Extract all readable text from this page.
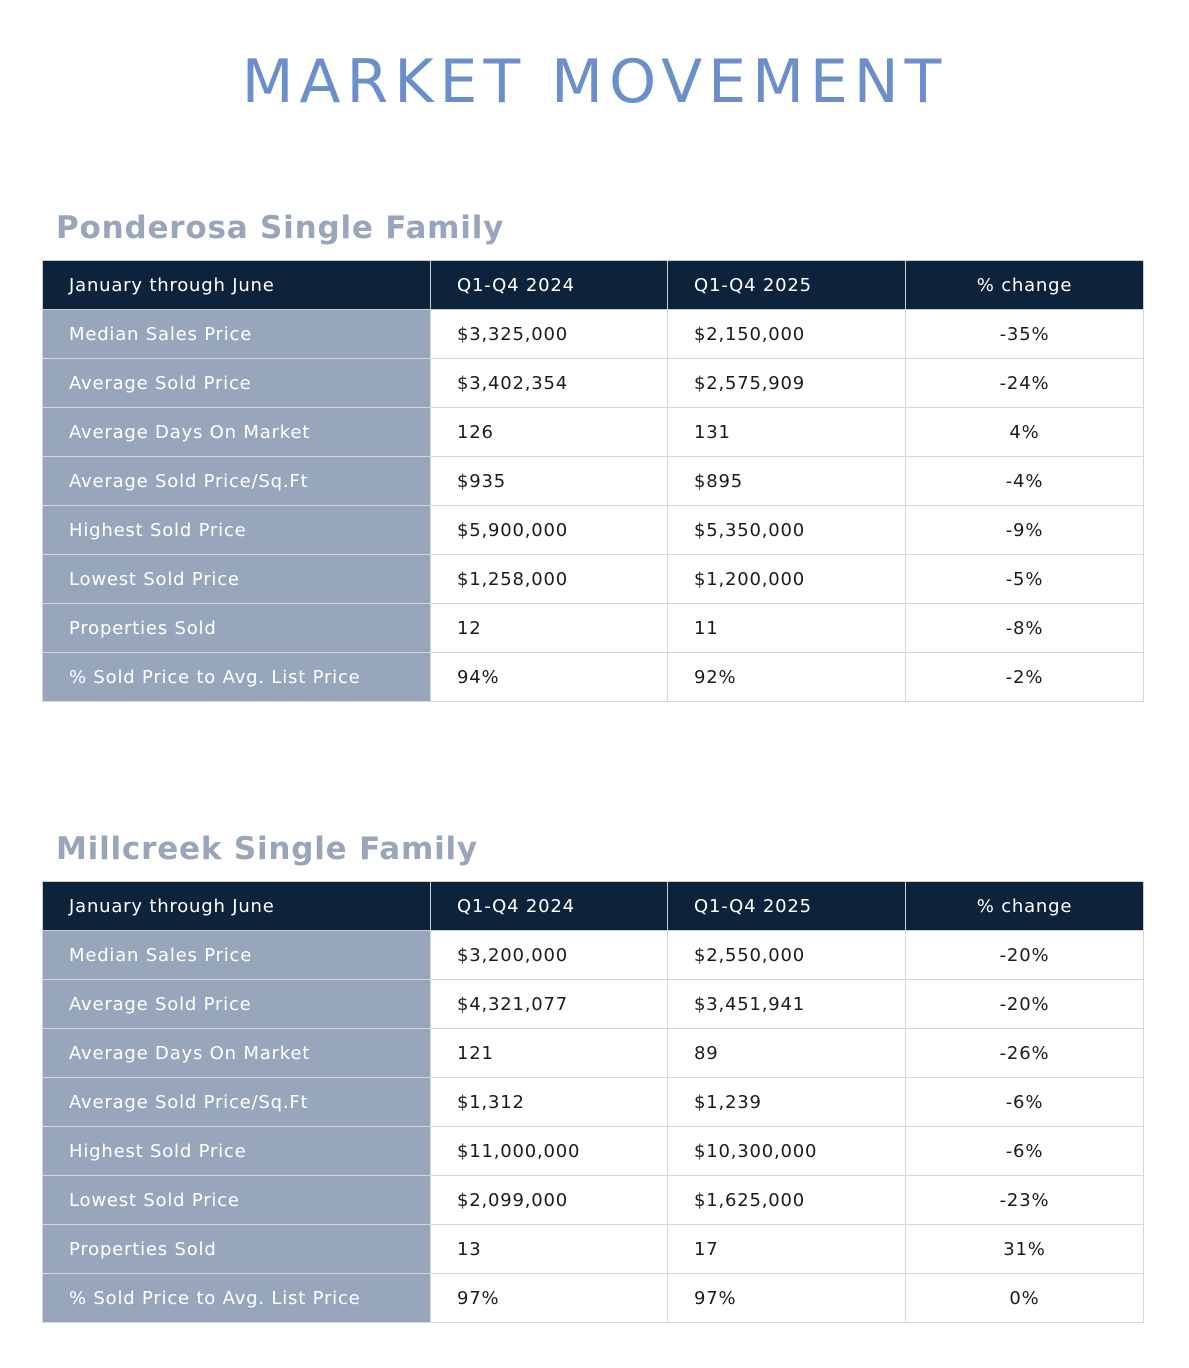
MARKET MOVEMENT
Ponderosa Single Family
January through June	Q1-Q4 2024	Q1-Q4 2025	% change
Median Sales Price	$3,325,000	$2,150,000	-35%
Average Sold Price	$3,402,354	$2,575,909	-24%
Average Days On Market	126	131	4%
Average Sold Price/Sq.Ft	$935	$895	-4%
Highest Sold Price	$5,900,000	$5,350,000	-9%
Lowest Sold Price	$1,258,000	$1,200,000	-5%
Properties Sold	12	11	-8%
% Sold Price to Avg. List Price	94%	92%	-2%
Millcreek Single Family
January through June	Q1-Q4 2024	Q1-Q4 2025	% change
Median Sales Price	$3,200,000	$2,550,000	-20%
Average Sold Price	$4,321,077	$3,451,941	-20%
Average Days On Market	121	89	-26%
Average Sold Price/Sq.Ft	$1,312	$1,239	-6%
Highest Sold Price	$11,000,000	$10,300,000	-6%
Lowest Sold Price	$2,099,000	$1,625,000	-23%
Properties Sold	13	17	31%
% Sold Price to Avg. List Price	97%	97%	0%
